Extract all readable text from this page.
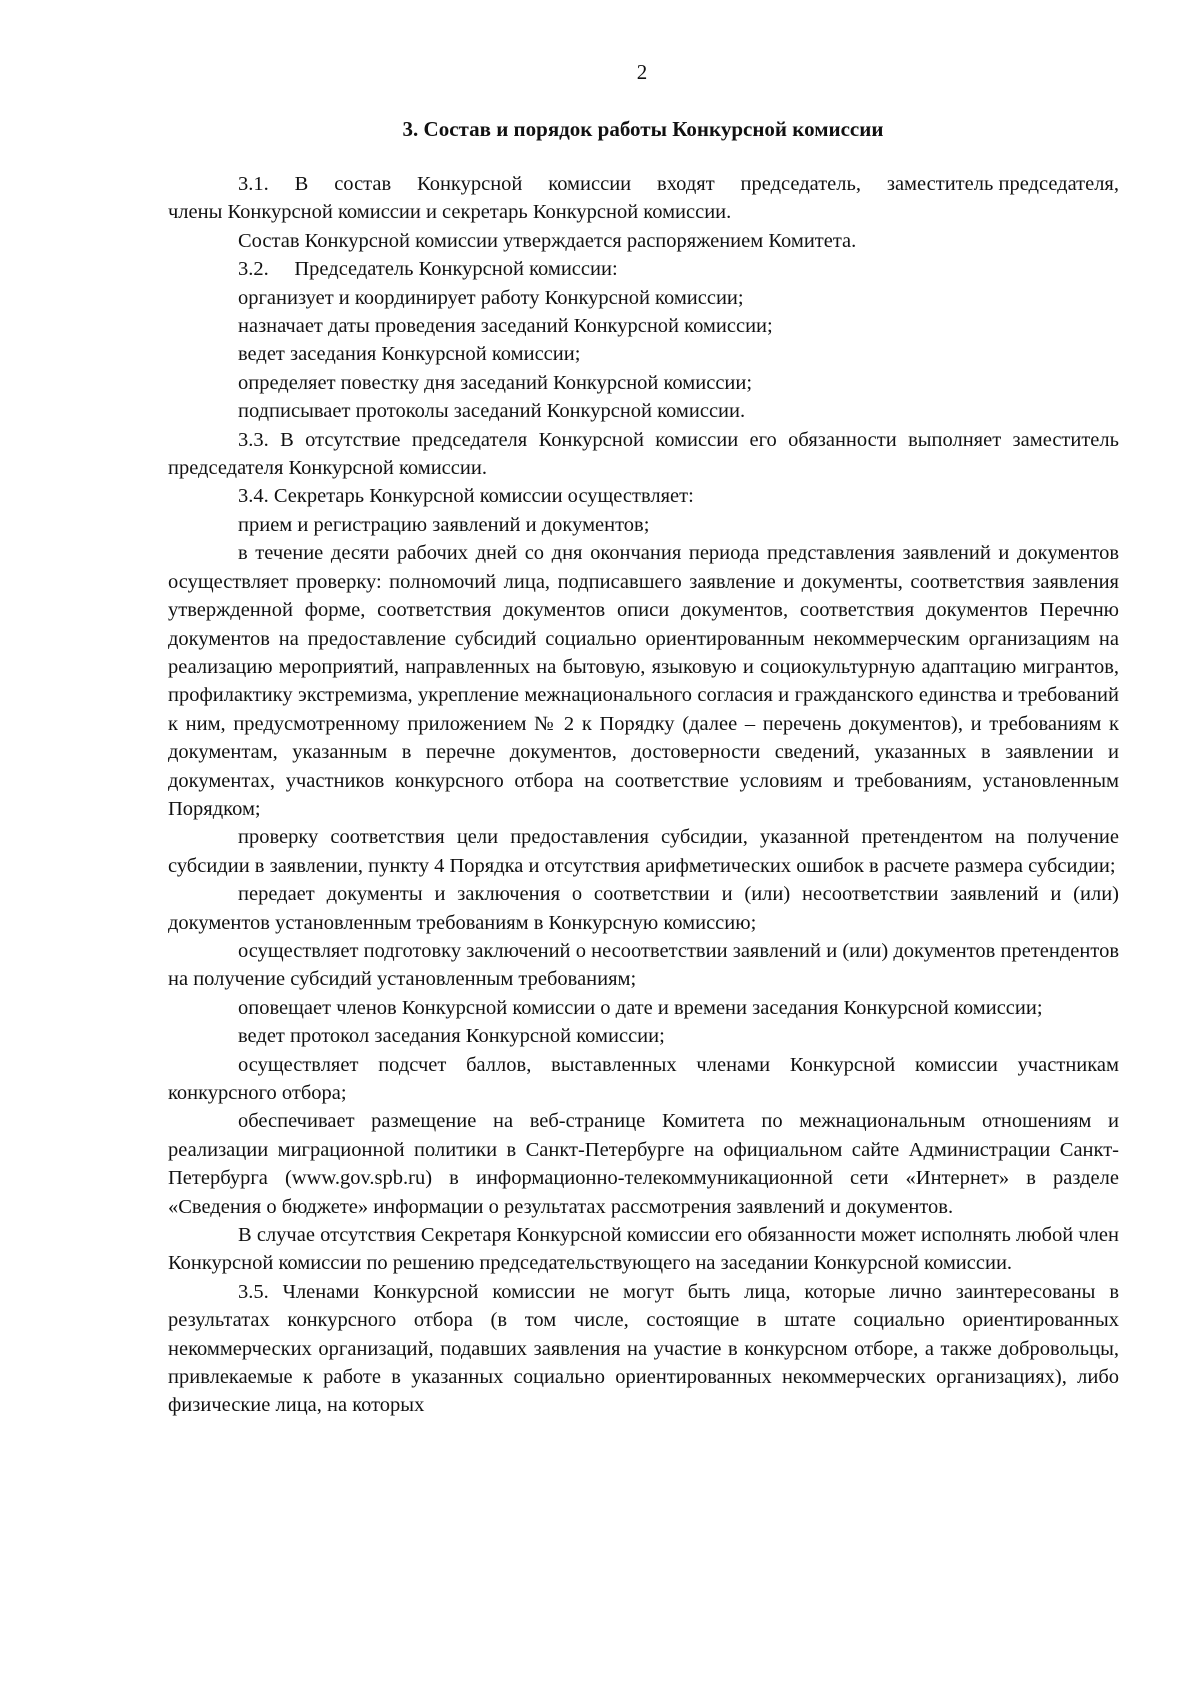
2
3. Состав и порядок работы Конкурсной комиссии

3.1.     В     состав     Конкурсной     комиссии     входят     председатель,     заместитель председателя, члены Конкурсной комиссии и секретарь Конкурсной комиссии.

Состав Конкурсной комиссии утверждается распоряжением Комитета.

3.2.     Председатель Конкурсной комиссии:

организует и координирует работу Конкурсной комиссии;

назначает даты проведения заседаний Конкурсной комиссии;

ведет заседания Конкурсной комиссии;

определяет повестку дня заседаний Конкурсной комиссии;

подписывает протоколы заседаний Конкурсной комиссии.

3.3. В отсутствие председателя Конкурсной комиссии его обязанности выполняет заместитель председателя Конкурсной комиссии.

3.4. Секретарь Конкурсной комиссии осуществляет:

прием и регистрацию заявлений и документов;

в течение десяти рабочих дней со дня окончания периода представления заявлений и документов осуществляет проверку: полномочий лица, подписавшего заявление и документы, соответствия заявления утвержденной форме, соответствия документов описи документов, соответствия документов Перечню документов на предоставление субсидий социально ориентированным некоммерческим организациям на реализацию мероприятий, направленных на бытовую, языковую и социокультурную адаптацию мигрантов, профилактику экстремизма, укрепление межнационального согласия и гражданского единства и требований к ним, предусмотренному приложением № 2 к Порядку (далее – перечень документов), и требованиям к документам, указанным в перечне документов, достоверности сведений, указанных в заявлении и документах, участников конкурсного отбора на соответствие условиям и требованиям, установленным Порядком;

проверку соответствия цели предоставления субсидии, указанной претендентом на получение субсидии в заявлении, пункту 4 Порядка и отсутствия арифметических ошибок в расчете размера субсидии;

передает документы и заключения о соответствии и (или) несоответствии заявлений и (или) документов установленным требованиям в Конкурсную комиссию;

осуществляет подготовку заключений о несоответствии заявлений и (или) документов претендентов на получение субсидий установленным требованиям;

оповещает членов Конкурсной комиссии о дате и времени заседания Конкурсной комиссии;

ведет протокол заседания Конкурсной комиссии;

осуществляет подсчет баллов, выставленных членами Конкурсной комиссии участникам конкурсного отбора;

обеспечивает размещение на веб-странице Комитета по межнациональным отношениям и реализации миграционной политики в Санкт-Петербурге на официальном сайте Администрации Санкт-Петербурга (www.gov.spb.ru) в информационно-телекоммуникационной сети «Интернет» в разделе «Сведения о бюджете» информации о результатах рассмотрения заявлений и документов.

В случае отсутствия Секретаря Конкурсной комиссии его обязанности может исполнять любой член Конкурсной комиссии по решению председательствующего на заседании Конкурсной комиссии.

3.5. Членами Конкурсной комиссии не могут быть лица, которые лично заинтересованы в результатах конкурсного отбора (в том числе, состоящие в штате социально ориентированных некоммерческих организаций, подавших заявления на участие в конкурсном отборе, а также добровольцы, привлекаемые к работе в указанных социально ориентированных некоммерческих организациях), либо физические лица, на которых
